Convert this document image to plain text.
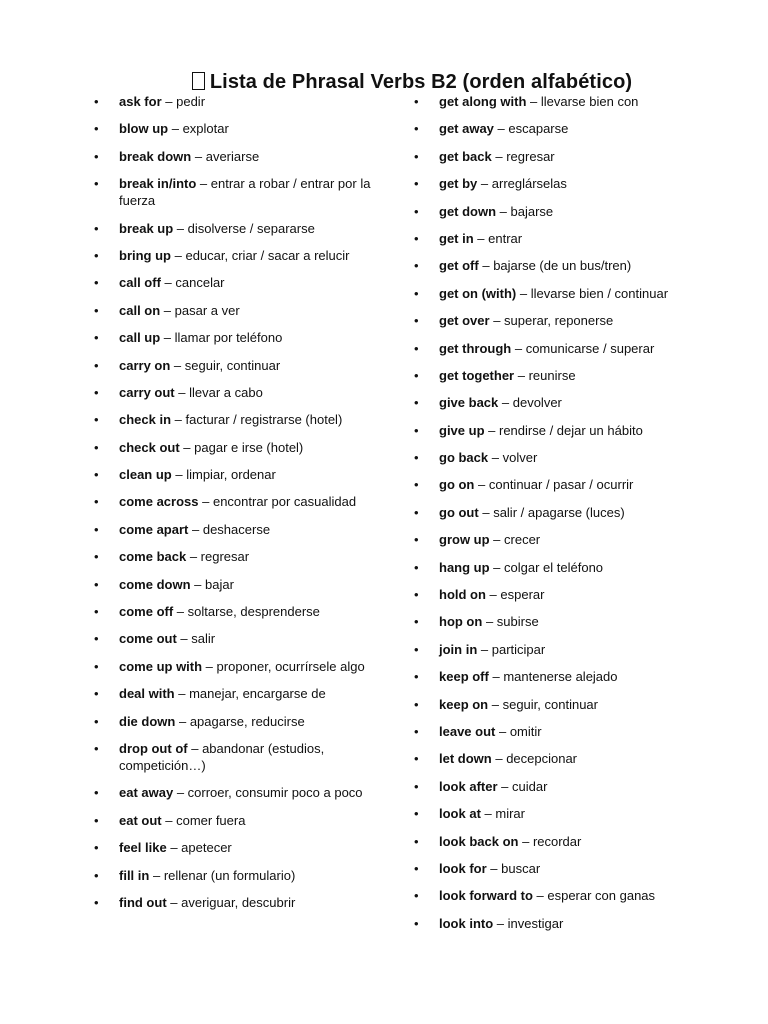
Lista de Phrasal Verbs B2 (orden alfabético)
• ask for – pedir
• blow up – explotar
• break down – averiarse
• break in/into – entrar a robar / entrar por la fuerza
• break up – disolverse / separarse
• bring up – educar, criar / sacar a relucir
• call off – cancelar
• call on – pasar a ver
• call up – llamar por teléfono
• carry on – seguir, continuar
• carry out – llevar a cabo
• check in – facturar / registrarse (hotel)
• check out – pagar e irse (hotel)
• clean up – limpiar, ordenar
• come across – encontrar por casualidad
• come apart – deshacerse
• come back – regresar
• come down – bajar
• come off – soltarse, desprenderse
• come out – salir
• come up with – proponer, ocurrírsele algo
• deal with – manejar, encargarse de
• die down – apagarse, reducirse
• drop out of – abandonar (estudios, competición…)
• eat away – corroer, consumir poco a poco
• eat out – comer fuera
• feel like – apetecer
• fill in – rellenar (un formulario)
• find out – averiguar, descubrir
• get along with – llevarse bien con
• get away – escaparse
• get back – regresar
• get by – arreglárselas
• get down – bajarse
• get in – entrar
• get off – bajarse (de un bus/tren)
• get on (with) – llevarse bien / continuar
• get over – superar, reponerse
• get through – comunicarse / superar
• get together – reunirse
• give back – devolver
• give up – rendirse / dejar un hábito
• go back – volver
• go on – continuar / pasar / ocurrir
• go out – salir / apagarse (luces)
• grow up – crecer
• hang up – colgar el teléfono
• hold on – esperar
• hop on – subirse
• join in – participar
• keep off – mantenerse alejado
• keep on – seguir, continuar
• leave out – omitir
• let down – decepcionar
• look after – cuidar
• look at – mirar
• look back on – recordar
• look for – buscar
• look forward to – esperar con ganas
• look into – investigar
